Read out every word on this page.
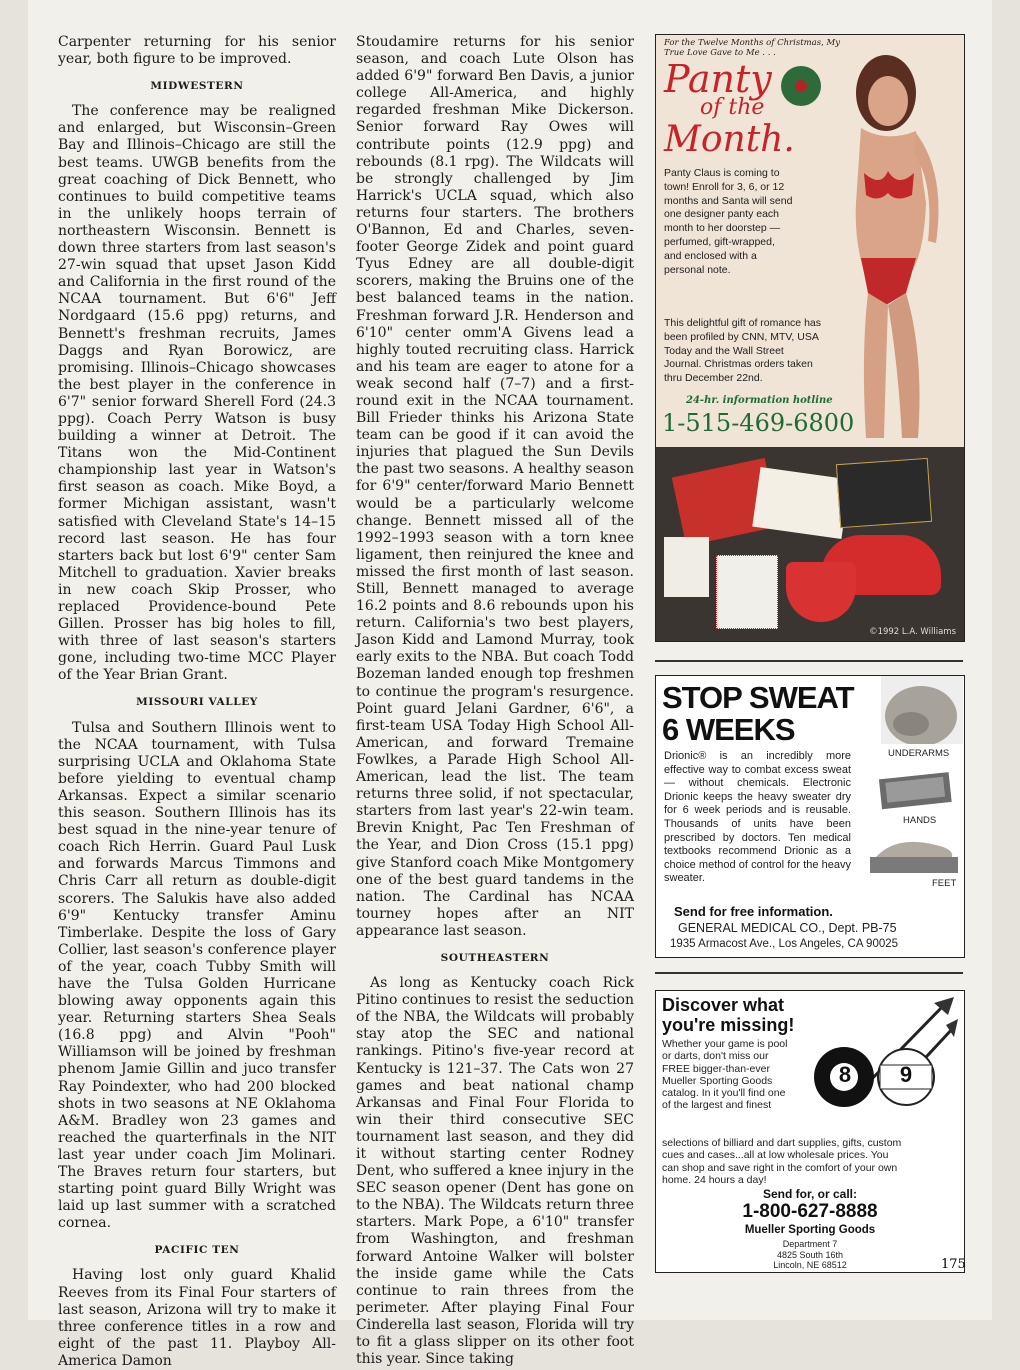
Carpenter returning for his senior year, both figure to be improved.

MIDWESTERN

The conference may be realigned and enlarged, but Wisconsin–Green Bay and Illinois–Chicago are still the best teams. UWGB benefits from the great coaching of Dick Bennett, who continues to build competitive teams in the unlikely hoops terrain of northeastern Wisconsin. Bennett is down three starters from last season's 27-win squad that upset Jason Kidd and California in the first round of the NCAA tournament. But 6'6" Jeff Nordgaard (15.6 ppg) returns, and Bennett's freshman recruits, James Daggs and Ryan Borowicz, are promising. Illinois–Chicago showcases the best player in the conference in 6'7" senior forward Sherell Ford (24.3 ppg). Coach Perry Watson is busy building a winner at Detroit. The Titans won the Mid-Continent championship last year in Watson's first season as coach. Mike Boyd, a former Michigan assistant, wasn't satisfied with Cleveland State's 14–15 record last season. He has four starters back but lost 6'9" center Sam Mitchell to graduation. Xavier breaks in new coach Skip Prosser, who replaced Providence-bound Pete Gillen. Prosser has big holes to fill, with three of last season's starters gone, including two-time MCC Player of the Year Brian Grant.

MISSOURI VALLEY

Tulsa and Southern Illinois went to the NCAA tournament, with Tulsa surprising UCLA and Oklahoma State before yielding to eventual champ Arkansas. Expect a similar scenario this season. Southern Illinois has its best squad in the nine-year tenure of coach Rich Herrin. Guard Paul Lusk and forwards Marcus Timmons and Chris Carr all return as double-digit scorers. The Salukis have also added 6'9" Kentucky transfer Aminu Timberlake. Despite the loss of Gary Collier, last season's conference player of the year, coach Tubby Smith will have the Tulsa Golden Hurricane blowing away opponents again this year. Returning starters Shea Seals (16.8 ppg) and Alvin "Pooh" Williamson will be joined by freshman phenom Jamie Gillin and juco transfer Ray Poindexter, who had 200 blocked shots in two seasons at NE Oklahoma A&M. Bradley won 23 games and reached the quarterfinals in the NIT last year under coach Jim Molinari. The Braves return four starters, but starting point guard Billy Wright was laid up last summer with a scratched cornea.

PACIFIC TEN

Having lost only guard Khalid Reeves from its Final Four starters of last season, Arizona will try to make it three conference titles in a row and eight of the past 11. Playboy All-America Damon

Stoudamire returns for his senior season, and coach Lute Olson has added 6'9" forward Ben Davis, a junior college All-America, and highly regarded freshman Mike Dickerson. Senior forward Ray Owes will contribute points (12.9 ppg) and rebounds (8.1 rpg). The Wildcats will be strongly challenged by Jim Harrick's UCLA squad, which also returns four starters. The brothers O'Bannon, Ed and Charles, seven-footer George Zidek and point guard Tyus Edney are all double-digit scorers, making the Bruins one of the best balanced teams in the nation. Freshman forward J.R. Henderson and 6'10" center omm'A Givens lead a highly touted recruiting class. Harrick and his team are eager to atone for a weak second half (7–7) and a first-round exit in the NCAA tournament. Bill Frieder thinks his Arizona State team can be good if it can avoid the injuries that plagued the Sun Devils the past two seasons. A healthy season for 6'9" center/forward Mario Bennett would be a particularly welcome change. Bennett missed all of the 1992–1993 season with a torn knee ligament, then reinjured the knee and missed the first month of last season. Still, Bennett managed to average 16.2 points and 8.6 rebounds upon his return. California's two best players, Jason Kidd and Lamond Murray, took early exits to the NBA. But coach Todd Bozeman landed enough top freshmen to continue the program's resurgence. Point guard Jelani Gardner, 6'6", a first-team USA Today High School All-American, and forward Tremaine Fowlkes, a Parade High School All-American, lead the list. The team returns three solid, if not spectacular, starters from last year's 22-win team. Brevin Knight, Pac Ten Freshman of the Year, and Dion Cross (15.1 ppg) give Stanford coach Mike Montgomery one of the best guard tandems in the nation. The Cardinal has NCAA tourney hopes after an NIT appearance last season.

SOUTHEASTERN

As long as Kentucky coach Rick Pitino continues to resist the seduction of the NBA, the Wildcats will probably stay atop the SEC and national rankings. Pitino's five-year record at Kentucky is 121–37. The Cats won 27 games and beat national champ Arkansas and Final Four Florida to win their third consecutive SEC tournament last season, and they did it without starting center Rodney Dent, who suffered a knee injury in the SEC season opener (Dent has gone on to the NBA). The Wildcats return three starters. Mark Pope, a 6'10" transfer from Washington, and freshman forward Antoine Walker will bolster the inside game while the Cats continue to rain threes from the perimeter. After playing Final Four Cinderella last season, Florida will try to fit a glass slipper on its other foot this year. Since taking

For the Twelve Months of Christmas, My True Love Gave to Me . . .
Panty
of the
Month.
Panty Claus is coming to town! Enroll for 3, 6, or 12 months and Santa will send one designer panty each month to her doorstep — perfumed, gift-wrapped, and enclosed with a personal note.
This delightful gift of romance has been profiled by CNN, MTV, USA Today and the Wall Street Journal. Christmas orders taken thru December 22nd.
24-hr. information hotline
1-515-469-6800
©1992 L.A. Williams
STOP SWEAT
6 WEEKS
Drionic® is an incredibly more effective way to combat excess sweat — without chemicals. Electronic Drionic keeps the heavy sweater dry for 6 week periods and is reusable. Thousands of units have been prescribed by doctors. Ten medical textbooks recommend Drionic as a choice method of control for the heavy sweater.
UNDERARMS
HANDS
FEET
Send for free information.
GENERAL MEDICAL CO., Dept. PB-75
1935 Armacost Ave., Los Angeles, CA 90025
Discover what
you're missing!
8 9
Whether your game is pool or darts, don't miss our FREE bigger-than-ever Mueller Sporting Goods catalog. In it you'll find one of the largest and finest
selections of billiard and dart supplies, gifts, custom cues and cases...all at low wholesale prices. You can shop and save right in the comfort of your own home. 24 hours a day!
Send for, or call:
1-800-627-8888
Mueller Sporting Goods
Department 7
4825 South 16th
Lincoln, NE 68512	175
